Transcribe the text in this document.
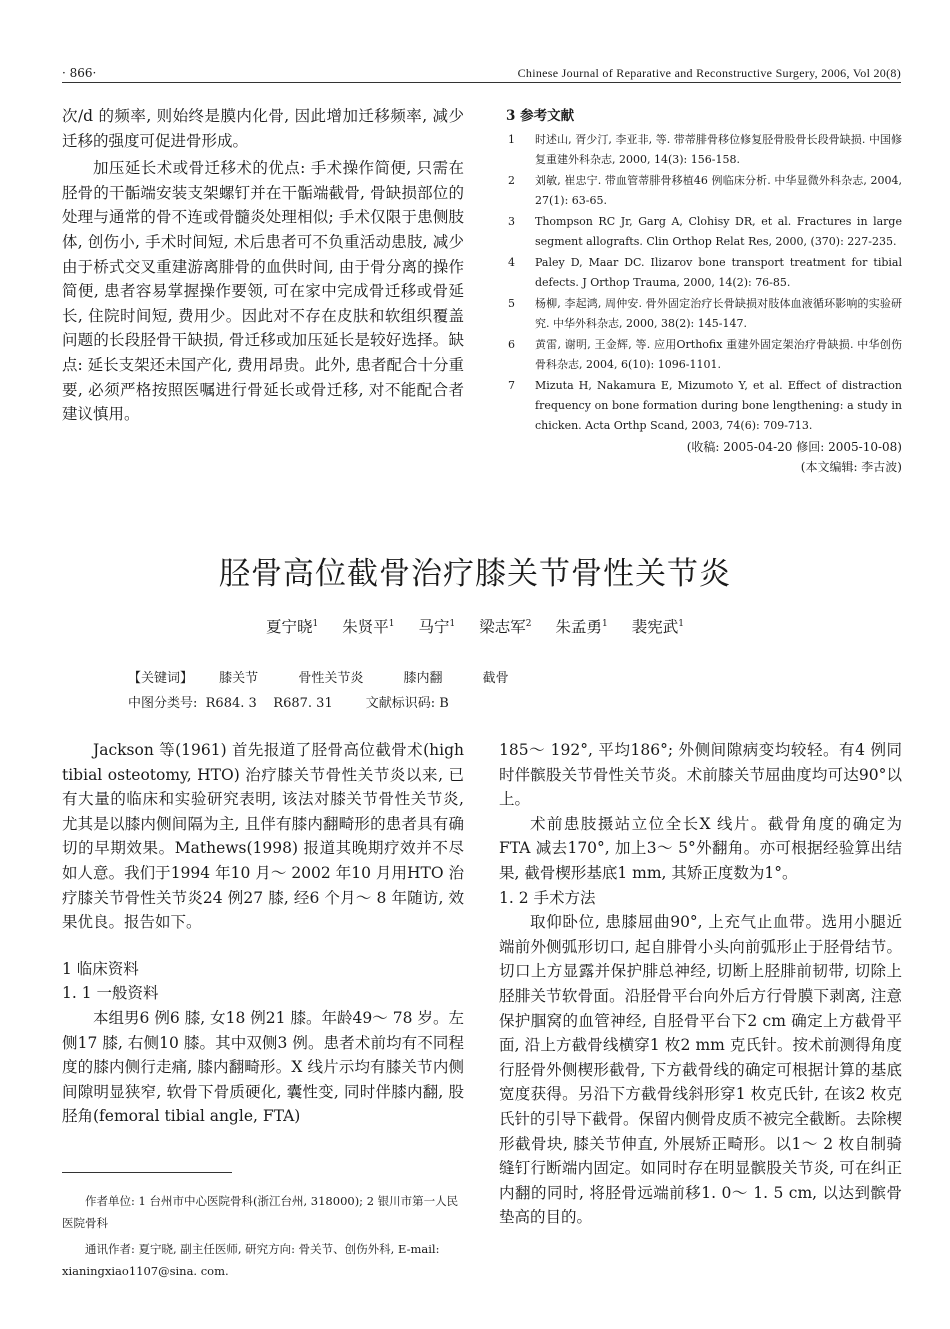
· 866·	Chinese Journal of Reparative and Reconstructive Surgery, 2006, Vol 20(8)

次/d 的频率, 则始终是膜内化骨, 因此增加迁移频率, 减少迁移的强度可促进骨形成。

加压延长术或骨迁移术的优点: 手术操作简便, 只需在胫骨的干骺端安装支架螺钉并在干骺端截骨, 骨缺损部位的处理与通常的骨不连或骨髓炎处理相似; 手术仅限于患侧肢体, 创伤小, 手术时间短, 术后患者可不负重活动患肢, 减少由于桥式交叉重建游离腓骨的血供时间, 由于骨分离的操作简便, 患者容易掌握操作要领, 可在家中完成骨迁移或骨延长, 住院时间短, 费用少。因此对不存在皮肤和软组织覆盖问题的长段胫骨干缺损, 骨迁移或加压延长是较好选择。缺点: 延长支架还未国产化, 费用昂贵。此外, 患者配合十分重要, 必须严格按照医嘱进行骨延长或骨迁移, 对不能配合者建议慎用。

3 参考文献
1 时述山, 胥少汀, 李亚非, 等. 带蒂腓骨移位修复胫骨股骨长段骨缺损. 中国修复重建外科杂志, 2000, 14(3): 156-158.
2 刘敏, 崔忠宁. 带血管蒂腓骨移植46 例临床分析. 中华显微外科杂志, 2004, 27(1): 63-65.
3 Thompson RC Jr, Garg A, Clohisy DR, et al. Fractures in large segment allografts. Clin Orthop Relat Res, 2000, (370): 227-235.
4 Paley D, Maar DC. Ilizarov bone transport treatment for tibial defects. J Orthop Trauma, 2000, 14(2): 76-85.
5 杨柳, 李起鸿, 周仲安. 骨外固定治疗长骨缺损对肢体血液循环影响的实验研究. 中华外科杂志, 2000, 38(2): 145-147.
6 黄雷, 谢明, 王金辉, 等. 应用Orthofix 重建外固定架治疗骨缺损. 中华创伤骨科杂志, 2004, 6(10): 1096-1101.
7 Mizuta H, Nakamura E, Mizumoto Y, et al. Effect of distraction frequency on bone formation during bone lengthening: a study in chicken. Acta Orthp Scand, 2003, 74(6): 709-713.
(收稿: 2005-04-20 修回: 2005-10-08)
(本文编辑: 李古波)
胫骨高位截骨治疗膝关节骨性关节炎
夏宁晓$^1$ 朱贤平$^1$ 马宁$^1$ 梁志军$^2$ 朱孟勇$^1$ 裴宪武$^1$
【关键词】 膝关节	骨性关节炎	膝内翻	截骨
中图分类号:  R684. 3    R687. 31        文献标识码: B

Jackson 等(1961) 首先报道了胫骨高位截骨术(high tibial osteotomy, HTO) 治疗膝关节骨性关节炎以来, 已有大量的临床和实验研究表明, 该法对膝关节骨性关节炎, 尤其是以膝内侧间隔为主, 且伴有膝内翻畸形的患者具有确切的早期效果。Mathews(1998) 报道其晚期疗效并不尽如人意。我们于1994 年10 月～ 2002 年10 月用HTO 治疗膝关节骨性关节炎24 例27 膝, 经6 个月～ 8 年随访, 效果优良。报告如下。

1 临床资料
1. 1 一般资料

本组男6 例6 膝, 女18 例21 膝。年龄49～ 78 岁。左侧17 膝, 右侧10 膝。其中双侧3 例。患者术前均有不同程度的膝内侧行走痛, 膝内翻畸形。X 线片示均有膝关节内侧间隙明显狭窄, 软骨下骨质硬化, 囊性变, 同时伴膝内翻, 股胫角(femoral tibial angle, FTA)

作者单位: 1 台州市中心医院骨科(浙江台州, 318000); 2 银川市第一人民医院骨科

通讯作者: 夏宁晓, 副主任医师, 研究方向: 骨关节、创伤外科, E-mail: xianingxiao1107@sina. com.

185～ 192°, 平均186°; 外侧间隙病变均较轻。有4 例同时伴髌股关节骨性关节炎。术前膝关节屈曲度均可达90°以上。

术前患肢摄站立位全长X 线片。截骨角度的确定为FTA 减去170°, 加上3～ 5°外翻角。亦可根据经验算出结果, 截骨楔形基底1 mm, 其矫正度数为1°。

1. 2 手术方法

取仰卧位, 患膝屈曲90°, 上充气止血带。选用小腿近端前外侧弧形切口, 起自腓骨小头向前弧形止于胫骨结节。切口上方显露并保护腓总神经, 切断上胫腓前韧带, 切除上胫腓关节软骨面。沿胫骨平台向外后方行骨膜下剥离, 注意保护腘窝的血管神经, 自胫骨平台下2 cm 确定上方截骨平面, 沿上方截骨线横穿1 枚2 mm 克氏针。按术前测得角度行胫骨外侧楔形截骨, 下方截骨线的确定可根据计算的基底宽度获得。另沿下方截骨线斜形穿1 枚克氏针, 在该2 枚克氏针的引导下截骨。保留内侧骨皮质不被完全截断。去除楔形截骨块, 膝关节伸直, 外展矫正畸形。以1～ 2 枚自制骑缝钉行断端内固定。如同时存在明显髌股关节炎, 可在纠正内翻的同时, 将胫骨远端前移1. 0～ 1. 5 cm, 以达到髌骨垫高的目的。
